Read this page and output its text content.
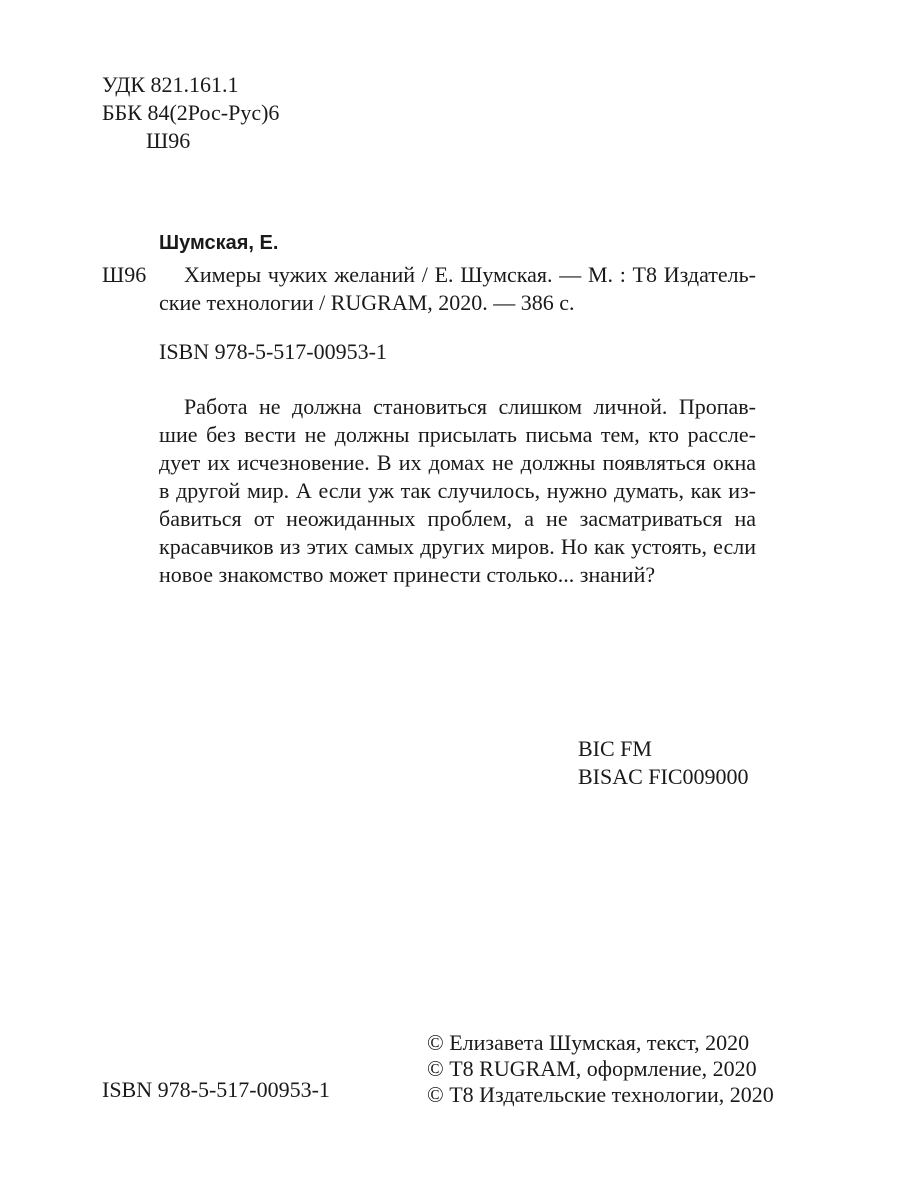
УДК 821.161.1
ББК 84(2Рос-Рус)6
Ш96
Шумская, Е.
Ш96 Химеры чужих желаний / Е. Шумская. — М. : Т8 Издатель-
ские технологии / RUGRAM, 2020. — 386 с.
ISBN 978-5-517-00953-1
Работа не должна становиться слишком личной. Пропав-
шие без вести не должны присылать письма тем, кто рассле-
дует их исчезновение. В их домах не должны появляться окна
в другой мир. А если уж так случилось, нужно думать, как из-
бавиться от неожиданных проблем, а не засматриваться на
красавчиков из этих самых других миров. Но как устоять, если
новое знакомство может принести столько... знаний?
BIC FM
BISAC FIC009000
© Елизавета Шумская, текст, 2020
© Т8 RUGRAM, оформление, 2020
ISBN 978-5-517-00953-1	© Т8 Издательские технологии, 2020
